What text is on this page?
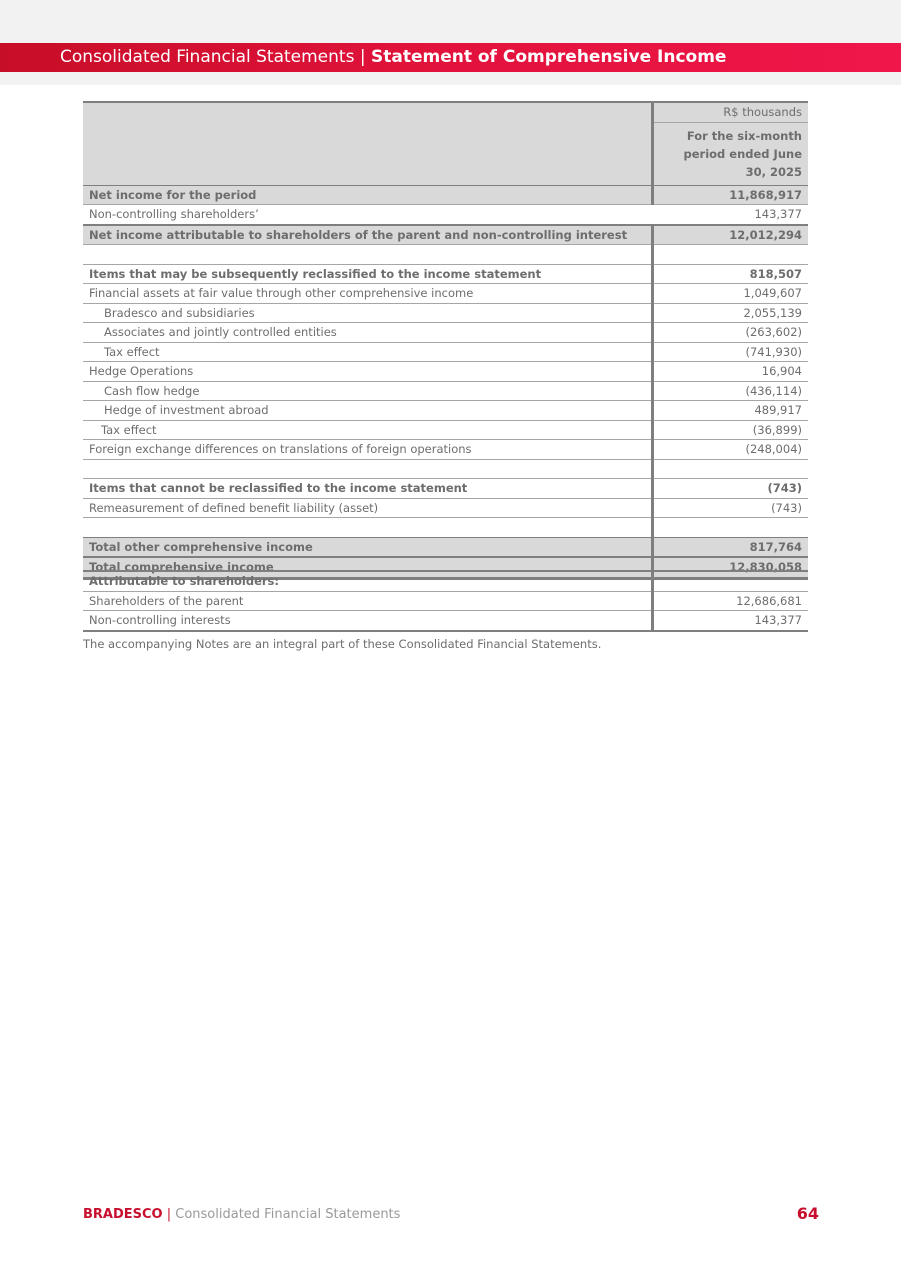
Consolidated Financial Statements | Statement of Comprehensive Income
	R$ thousands
	For the six-month period ended June 30, 2025
Net income for the period	11,868,917
Non-controlling shareholders’	143,377
Net income attributable to shareholders of the parent and non-controlling interest	12,012,294

Items that may be subsequently reclassified to the income statement	818,507
Financial assets at fair value through other comprehensive income	1,049,607
Bradesco and subsidiaries	2,055,139
Associates and jointly controlled entities	(263,602)
Tax effect	(741,930)
Hedge Operations	16,904
Cash flow hedge	(436,114)
Hedge of investment abroad	489,917
Tax effect	(36,899)
Foreign exchange differences on translations of foreign operations	(248,004)

Items that cannot be reclassified to the income statement	(743)
Remeasurement of defined benefit liability (asset)	(743)

Total other comprehensive income	817,764
Total comprehensive income	12,830,058
Attributable to shareholders:	
Shareholders of the parent	12,686,681
Non-controlling interests	143,377
The accompanying Notes are an integral part of these Consolidated Financial Statements.
BRADESCO | Consolidated Financial Statements	64
